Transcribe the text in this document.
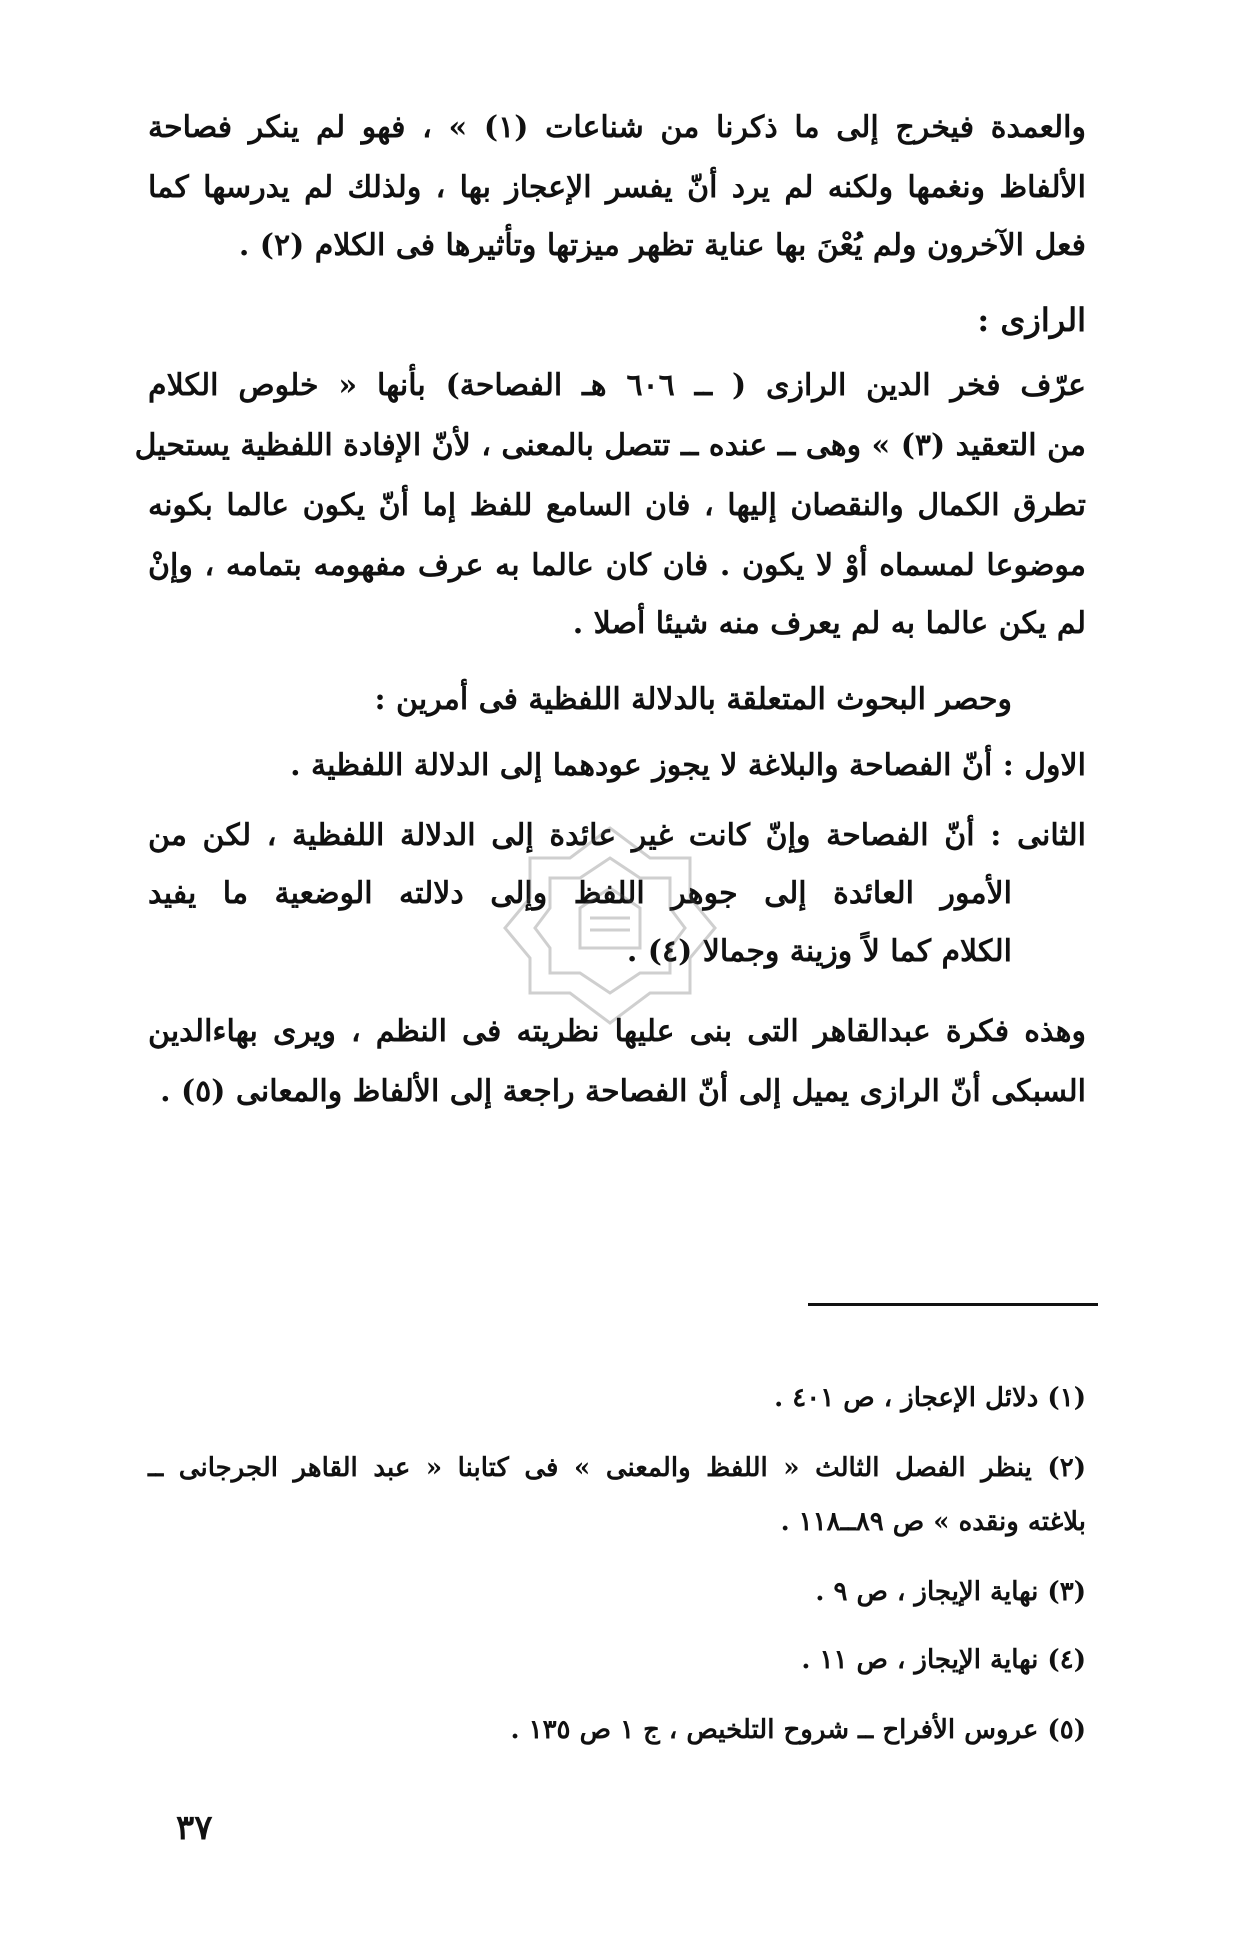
والعمدة فيخرج إلى ما ذكرنا من شناعات (١) » ، فهو لم ينكر فصاحة
الألفاظ ونغمها ولكنه لم يرد أنّ يفسر الإعجاز بها ، ولذلك لم يدرسها كما
فعل الآخرون ولم يُعْنَ بها عناية تظهر ميزتها وتأثيرها فى الكلام (٢) .
الرازى :
عرّف فخر الدين الرازى ( ــ ٦٠٦ هـ الفصاحة) بأنها « خلوص الكلام
من التعقيد (٣) » وهى ــ عنده ــ تتصل بالمعنى ، لأنّ الإفادة اللفظية يستحيل
تطرق الكمال والنقصان إليها ، فان السامع للفظ إما أنّ يكون عالما بكونه
موضوعا لمسماه أوْ لا يكون . فان كان عالما به عرف مفهومه بتمامه ، وإنْ
لم يكن عالما به لم يعرف منه شيئا أصلا .
وحصر البحوث المتعلقة بالدلالة اللفظية فى أمرين :
الاول : أنّ الفصاحة والبلاغة لا يجوز عودهما إلى الدلالة اللفظية .
الثانى : أنّ الفصاحة وإنّ كانت غير عائدة إلى الدلالة اللفظية ، لكن من
الأمور العائدة إلى جوهر اللفظ وإلى دلالته الوضعية ما يفيد
الكلام كما لاً وزينة وجمالا (٤) .
وهذه فكرة عبدالقاهر التى بنى عليها نظريته فى النظم ، ويرى بهاءالدين
السبكى أنّ الرازى يميل إلى أنّ الفصاحة راجعة إلى الألفاظ والمعانى (٥) .
(١) دلائل الإعجاز ، ص ٤٠١ .
(٢) ينظر الفصل الثالث « اللفظ والمعنى » فى كتابنا « عبد القاهر الجرجانى ــ
بلاغته ونقده » ص ٨٩ــ١١٨ .
(٣) نهاية الإيجاز ، ص ٩ .
(٤) نهاية الإيجاز ، ص ١١ .
(٥) عروس الأفراح ــ شروح التلخيص ، ج ١ ص ١٣٥ .
٣٧
